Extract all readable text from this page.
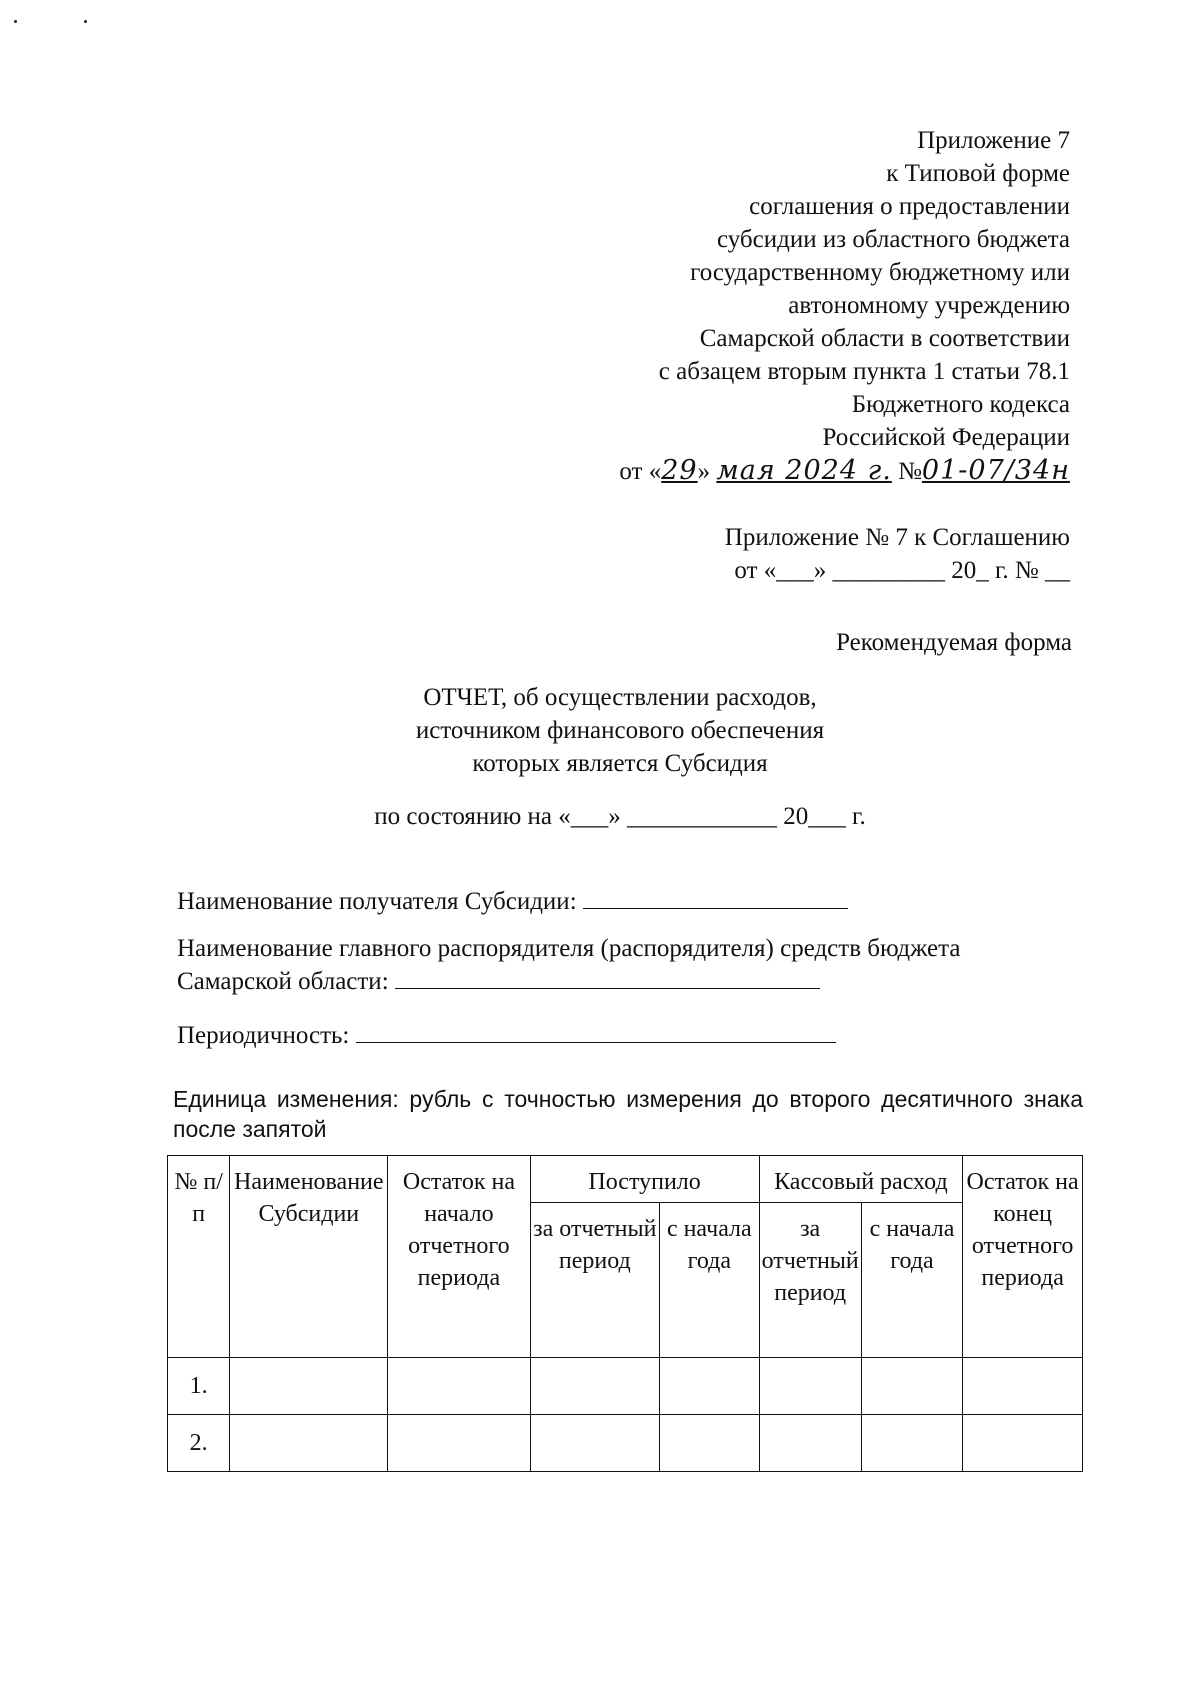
Приложение 7
к Типовой форме
соглашения о предоставлении
субсидии из областного бюджета
государственному бюджетному или
автономному учреждению
Самарской области в соответствии
с абзацем вторым пункта 1 статьи 78.1
Бюджетного кодекса
Российской Федерации
от «29» мая 2024 г. №01-07/34н
Приложение № 7 к Соглашению
от «___» _________ 20_ г. № __
Рекомендуемая форма
ОТЧЕТ, об осуществлении расходов,
источником финансового обеспечения
которых является Субсидия
по состоянию на «___» ____________ 20___ г.
Наименование получателя Субсидии:
Наименование главного распорядителя (распорядителя) средств бюджета
Самарской области:
Периодичность:
Единица изменения: рубль с точностью измерения до второго десятичного знака после запятой
№ п/п	Наименование Субсидии	Остаток на начало отчетного периода	Поступило		Кассовый расход		Остаток на конец отчетного периода
			за отчетный период	с начала года	за отчетный период	с начала года	
1.							
2.							
